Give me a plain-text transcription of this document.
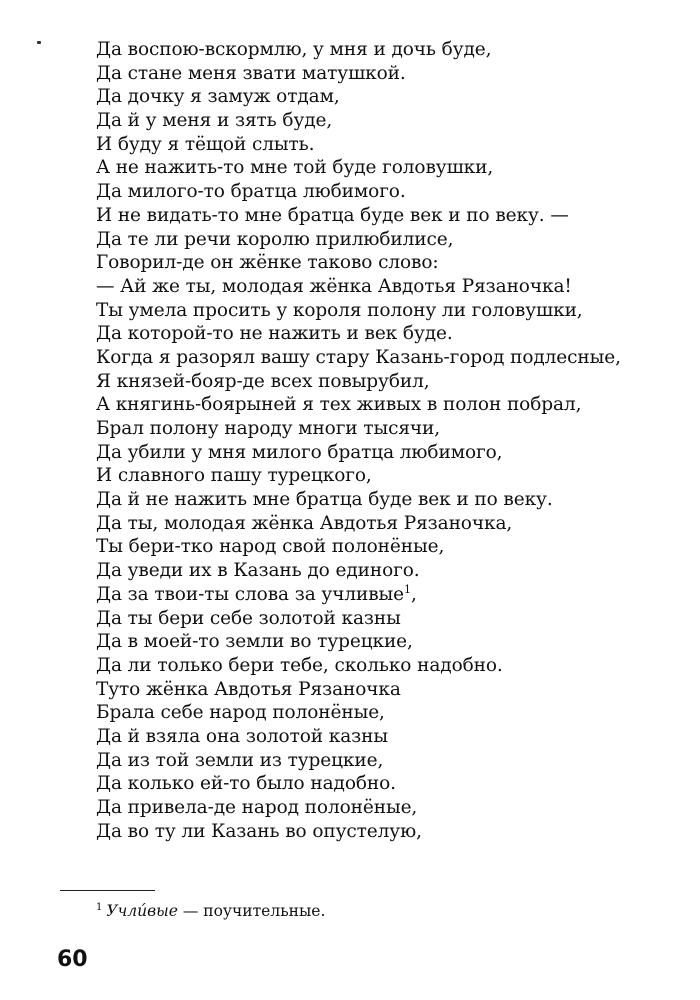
Да воспою-вскормлю, у мня и дочь буде,
Да стане меня звати матушкой.
Да дочку я замуж отдам,
Да й у меня и зять буде,
И буду я тёщой слыть.
А не нажить-то мне той буде головушки,
Да милого-то братца любимого.
И не видать-то мне братца буде век и по веку. —
Да те ли речи королю прилюбилисе,
Говорил-де он жёнке таково слово:
— Ай же ты, молодая жёнка Авдотья Рязаночка!
Ты умела просить у короля полону ли головушки,
Да которой-то не нажить и век буде.
Когда я разорял вашу стару Казань-город подлесные,
Я князей-бояр-де всех повырубил,
А княгинь-боярыней я тех живых в полон побрал,
Брал полону народу многи тысячи,
Да убили у мня милого братца любимого,
И славного пашу турецкого,
Да й не нажить мне братца буде век и по веку.
Да ты, молодая жёнка Авдотья Рязаночка,
Ты бери-тко народ свой полонёные,
Да уведи их в Казань до единого.
Да за твои-ты слова за учливые$^1$,
Да ты бери себе золотой казны
Да в моей-то земли во турецкие,
Да ли только бери тебе, сколько надобно.
Туто жёнка Авдотья Рязаночка
Брала себе народ полонёные,
Да й взяла она золотой казны
Да из той земли из турецкие,
Да колько ей-то было надобно.
Да привела-де народ полонёные,
Да во ту ли Казань во опустелую,
$^1$ Учли́вые — поучительные.
60
